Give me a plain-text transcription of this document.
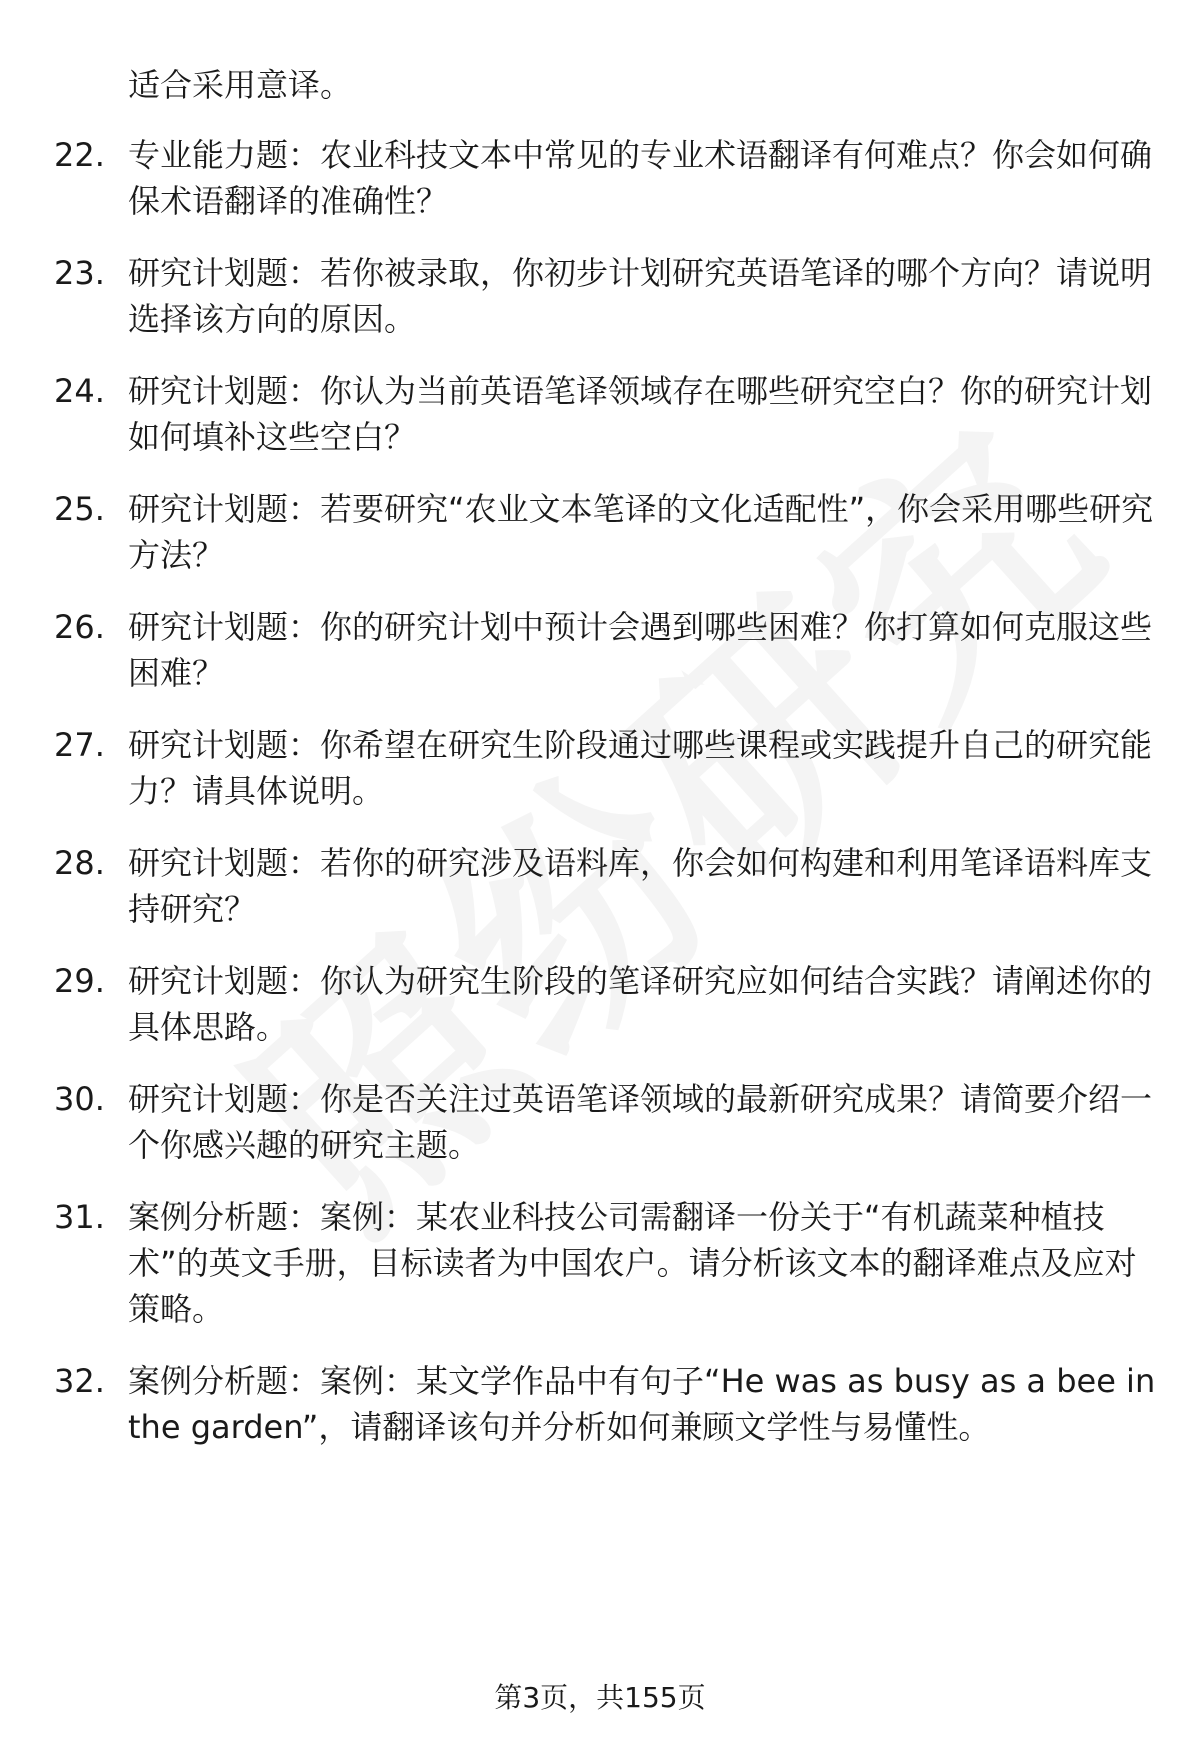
适合采用意译。
22. 专业能力题：农业科技文本中常见的专业术语翻译有何难点？你会如何确保术语翻译的准确性？
23. 研究计划题：若你被录取，你初步计划研究英语笔译的哪个方向？请说明选择该方向的原因。
24. 研究计划题：你认为当前英语笔译领域存在哪些研究空白？你的研究计划如何填补这些空白？
25. 研究计划题：若要研究“农业文本笔译的文化适配性”，你会采用哪些研究方法？
26. 研究计划题：你的研究计划中预计会遇到哪些困难？你打算如何克服这些困难？
27. 研究计划题：你希望在研究生阶段通过哪些课程或实践提升自己的研究能力？请具体说明。
28. 研究计划题：若你的研究涉及语料库，你会如何构建和利用笔译语料库支持研究？
29. 研究计划题：你认为研究生阶段的笔译研究应如何结合实践？请阐述你的具体思路。
30. 研究计划题：你是否关注过英语笔译领域的最新研究成果？请简要介绍一个你感兴趣的研究主题。
31. 案例分析题：案例：某农业科技公司需翻译一份关于“有机蔬菜种植技术”的英文手册，目标读者为中国农户。请分析该文本的翻译难点及应对策略。
32. 案例分析题：案例：某文学作品中有句子“He was as busy as a bee in the garden”，请翻译该句并分析如何兼顾文学性与易懂性。
第3页，共155页
